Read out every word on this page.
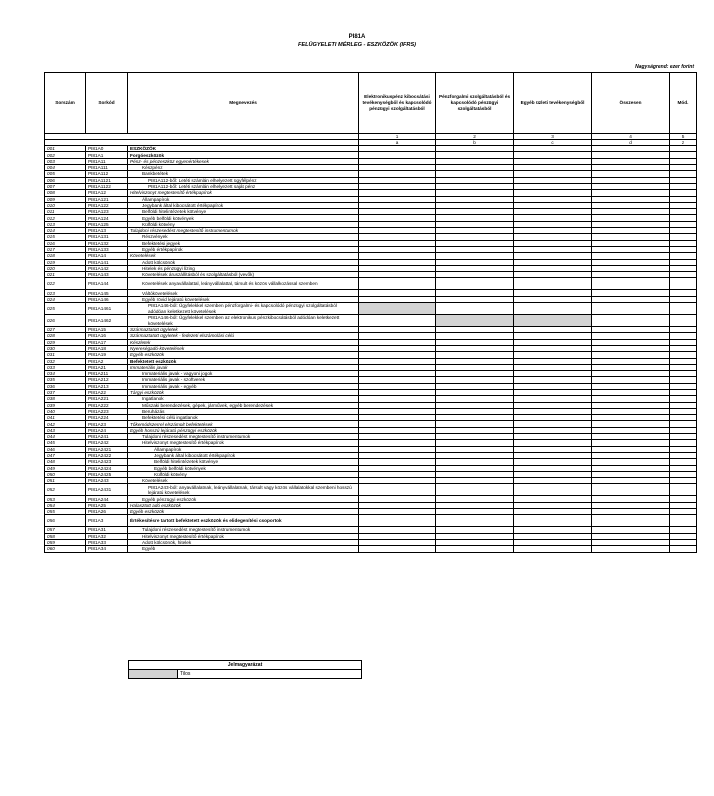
PI81A
FELÜGYELETI MÉRLEG - ESZKÖZÖK (IFRS)
Nagyságrend: ezer forint
Sorszám	Sorkód	Megnevezés	Elektronikuspénz kibocsátási tevékenységből és kapcsolódó pénzügyi szolgáltatásból	Pénzforgalmi szolgáltatásból és kapcsolódó pénzügyi szolgáltatásból	Egyéb üzleti tevékenységből	Összesen	Mód.
			1	2	3	4	5
			a	b	c	d	z
001	PI81A0	ESZKÖZÖK					
002	PI81A1	Forgóeszközök					
003	PI81A11	Pénz- és pénzeszköz egyenértékesek					
004	PI81A111	Készpénz					
005	PI81A112	Bankbetétek					
006	PI81A1121	PI81A112-ből: Letéti számlán elhelyezett ügyfélpénz					
007	PI81A1122	PI81A112-ből: Letéti számlán elhelyezett saját pénz					
008	PI81A12	Hitelviszonyt megtestesítő értékpapírok					
009	PI81A121	Állampapírok					
010	PI81A122	Jegybank által kibocsátott értékpapírok					
011	PI81A123	Belföldi hitelintézetek kötvénye					
012	PI81A124	Egyéb belföldi kötvények					
013	PI81A125	Külföldi kötvény					
014	PI81A13	Tulajdoni részesedést megtestesítő instrumentumok					
015	PI81A131	Részvények					
016	PI81A132	Befektetési jegyek					
017	PI81A133	Egyéb értékpapírok					
018	PI81A14	Követelések					
019	PI81A141	Adott kölcsönök					
020	PI81A142	Hitelek és pénzügyi lízing					
021	PI81A143	Követelések áruszállításból és szolgáltatásból (vevők)					
022	PI81A144	Követelések anyavállalattal, leányvállalattal, társult és közös vállalkozással szemben					
023	PI81A145	Váltókövetelések					
024	PI81A146	Egyéb rövid lejáratú követelések					
025	PI81A1461	PI81A146-ból: Ügyfelekkel szemben pénzforgalmi- és kapcsolódó pénzügyi szolgáltatásból adódóan keletkezett követelések					
026	PI81A1462	PI81A146-ból: Ügyfelekkel szemben az elektronikus pénzkibocsátásból adódóan keletkezett követelések					
027	PI81A15	Származtatott ügyletek					
028	PI81A16	Származtatott ügyletek - fedezeti elszámolási célú					
029	PI81A17	Készletek					
030	PI81A18	Nyereségadó-követelések					
031	PI81A19	Egyéb eszközök					
032	PI81A2	Befektetett eszközök					
033	PI81A21	Immateriális javak					
034	PI81A211	Immateriális javak - vagyoni jogok					
035	PI81A212	Immateriális javak - szoftverek					
036	PI81A213	Immateriális javak - egyéb					
037	PI81A22	Tárgyi eszközök					
038	PI81A221	Ingatlanok					
039	PI81A222	Műszaki berendezések, gépek, járművek, egyéb berendezések					
040	PI81A223	Beruházás					
041	PI81A224	Befektetési célú ingatlanok					
042	PI81A23	Tőkemódszerrel elszámolt befektetések					
043	PI81A24	Egyéb hosszú lejáratú pénzügyi eszközök					
044	PI81A241	Tulajdoni részesedést megtestesítő instrumentumok					
045	PI81A242	Hitelviszonyt megtestesítő értékpapírok					
046	PI81A2421	Állampapírok					
047	PI81A2422	Jegybank által kibocsátott értékpapírok					
048	PI81A2423	Belföldi hitelintézetek kötvénye					
049	PI81A2424	Egyéb belföldi kötvények					
050	PI81A2425	Külföldi kötvény					
051	PI81A243	Követelések					
052	PI81A2431	PI81A243-ból: anyavállalatnak, leányvállalatnak, társult vagy közös vállalatokkal szembeni hosszú lejáratú követelések					
053	PI81A244	Egyéb pénzügyi eszközök					
054	PI81A25	Halasztott adó eszközök					
055	PI81A26	Egyéb eszközök					
056	PI81A3	Értékesítésre tartott befektetett eszközök és elidegenítési csoportok					
057	PI81A31	Tulajdoni részesedést megtestesítő instrumentumok					
058	PI81A32	Hitelviszonyt megtestesítő értékpapírok					
059	PI81A33	Adott kölcsönök, hitelek					
060	PI81A34	Egyéb					
Jelmagyarázat
	Tilos
